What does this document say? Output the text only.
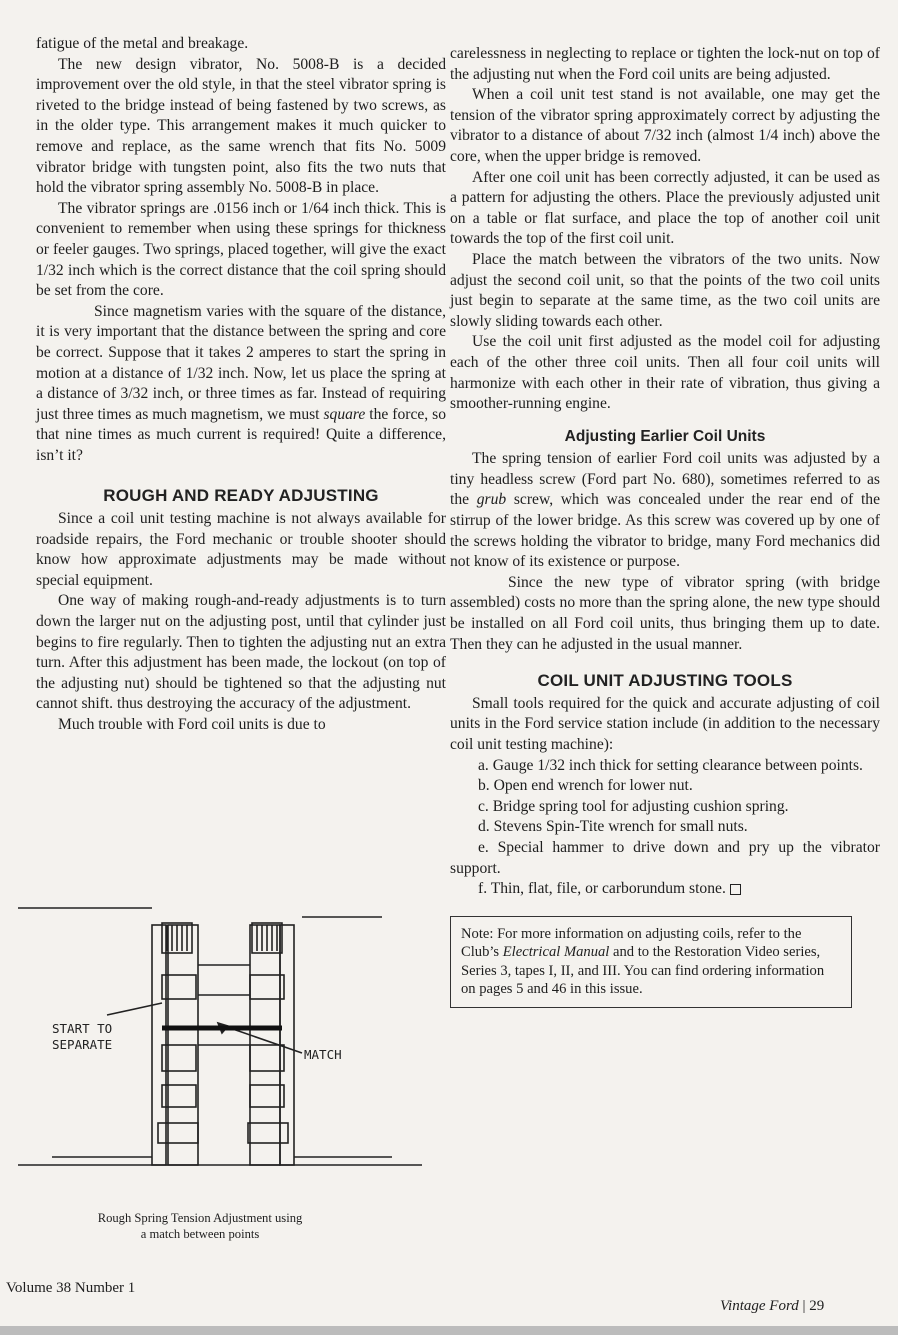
fatigue of the metal and breakage.

The new design vibrator, No. 5008-B is a decided improvement over the old style, in that the steel vibrator spring is riveted to the bridge instead of being fastened by two screws, as in the older type. This arrangement makes it much quicker to remove and replace, as the same wrench that fits No. 5009 vibrator bridge with tungsten point, also fits the two nuts that hold the vibrator spring assembly No. 5008-B in place.

The vibrator springs are .0156 inch or 1/64 inch thick. This is convenient to remember when using these springs for thickness or feeler gauges. Two springs, placed together, will give the exact 1/32 inch which is the correct distance that the coil spring should be set from the core.

Since magnetism varies with the square of the distance, it is very important that the distance between the spring and core be correct. Suppose that it takes 2 amperes to start the spring in motion at a distance of 1/32 inch. Now, let us place the spring at a distance of 3/32 inch, or three times as far. Instead of requiring just three times as much magnetism, we must square the force, so that nine times as much current is required! Quite a difference, isn’t it?

ROUGH AND READY ADJUSTING

Since a coil unit testing machine is not always available for roadside repairs, the Ford mechanic or trouble shooter should know how approximate adjustments may be made without special equipment.

One way of making rough-and-ready adjustments is to turn down the larger nut on the adjusting post, until that cylinder just begins to fire regularly. Then to tighten the adjusting nut an extra turn. After this adjustment has been made, the lockout (on top of the adjusting nut) should be tightened so that the adjusting nut cannot shift. thus destroying the accuracy of the adjustment.

Much trouble with Ford coil units is due to

START TO
SEPARATE
MATCH
Rough Spring Tension Adjustment using
a match between points

carelessness in neglecting to replace or tighten the lock-nut on top of the adjusting nut when the Ford coil units are being adjusted.

When a coil unit test stand is not available, one may get the tension of the vibrator spring approximately correct by adjusting the vibrator to a distance of about 7/32 inch (almost 1/4 inch) above the core, when the upper bridge is removed.

After one coil unit has been correctly adjusted, it can be used as a pattern for adjusting the others. Place the previously adjusted unit on a table or flat surface, and place the top of another coil unit towards the top of the first coil unit.

Place the match between the vibrators of the two units. Now adjust the second coil unit, so that the points of the two coil units just begin to separate at the same time, as the two coil units are slowly sliding towards each other.

Use the coil unit first adjusted as the model coil for adjusting each of the other three coil units. Then all four coil units will harmonize with each other in their rate of vibration, thus giving a smoother-running engine.

Adjusting Earlier Coil Units

The spring tension of earlier Ford coil units was adjusted by a tiny headless screw (Ford part No. 680), sometimes referred to as the grub screw, which was concealed under the rear end of the stirrup of the lower bridge. As this screw was covered up by one of the screws holding the vibrator to bridge, many Ford mechanics did not know of its existence or purpose.

Since the new type of vibrator spring (with bridge assembled) costs no more than the spring alone, the new type should be installed on all Ford coil units, thus bringing them up to date. Then they can he adjusted in the usual manner.

COIL UNIT ADJUSTING TOOLS

Small tools required for the quick and accurate adjusting of coil units in the Ford service station include (in addition to the necessary coil unit testing machine):

a. Gauge 1/32 inch thick for setting clearance between points.

b. Open end wrench for lower nut.

c. Bridge spring tool for adjusting cushion spring.

d. Stevens Spin-Tite wrench for small nuts.

e. Special hammer to drive down and pry up the vibrator support.

f. Thin, flat, file, or carborundum stone.

Note: For more information on adjusting coils, refer to the Club’s Electrical Manual and to the Restoration Video series, Series 3, tapes I, II, and III. You can find ordering information on pages 5 and 46 in this issue.

Volume 38 Number 1
Vintage Ford | 29
